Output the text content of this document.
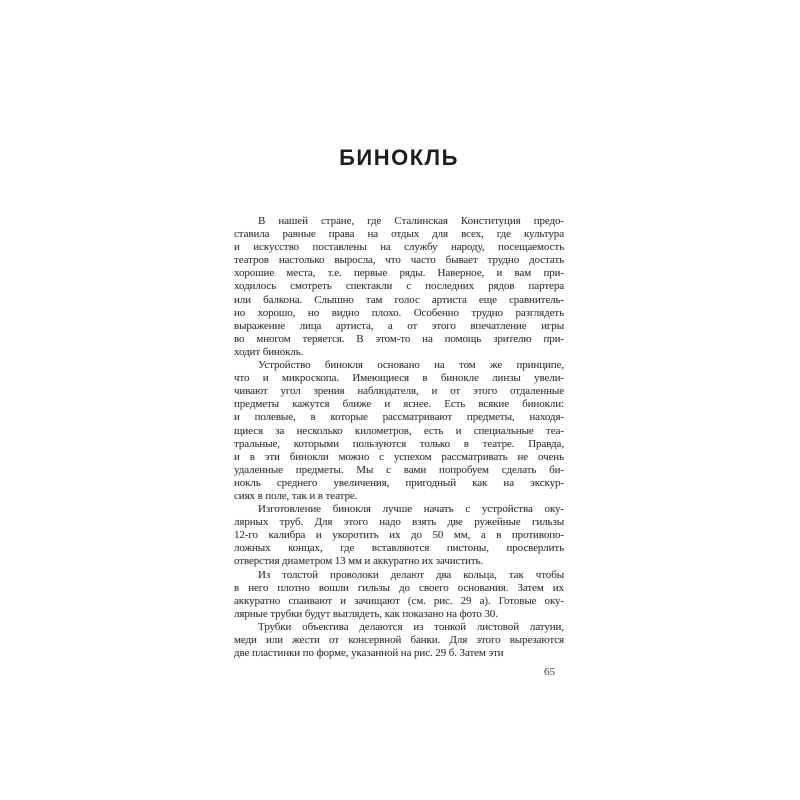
БИНОКЛЬ
В нашей стране, где Сталинская Конституция предо-
ставила равные права на отдых для всех, где культура
и искусство поставлены на службу народу, посещаемость
театров настолько выросла, что часто бывает трудно достать
хорошие места, т.е. первые ряды. Наверное, и вам при-
ходилось смотреть спектакли с последних рядов партера
или балкона. Слышно там голос артиста еще сравнитель-
но хорошо, но видно плохо. Особенно трудно разглядеть
выражение лица артиста, а от этого впечатление игры
во многом теряется. В этом-то на помощь зрителю при-
ходит бинокль.
Устройство бинокля основано на том же принципе,
что и микроскопа. Имеющиеся в бинокле линзы увели-
чивают угол зрения наблюдателя, и от этого отдаленные
предметы кажутся ближе и яснее. Есть всякие бинокли:
и полевые, в которые рассматривают предметы, находя-
щиеся за несколько километров, есть и специальные теа-
тральные, которыми пользуются только в театре. Правда,
и в эти бинокли можно с успехом рассматривать не очень
удаленные предметы. Мы с вами попробуем сделать би-
нокль среднего увеличения, пригодный как на экскур-
сиях в поле, так и в театре.
Изготовление бинокля лучше начать с устройства оку-
лярных труб. Для этого надо взять две ружейные гильзы
12-го калибра и укоротить их до 50 мм, а в противопо-
ложных концах, где вставляются пистоны, просверлить
отверстия диаметром 13 мм и аккуратно их зачистить.
Из толстой проволоки делают два кольца, так чтобы
в него плотно вошли гильзы до своего основания. Затем их
аккуратно спаивают и зачищают (см. рис. 29 а). Готовые оку-
лярные трубки будут выглядеть, как показано на фото 30.
Трубки объектива делаются из тонкой листовой латуни,
меди или жести от консервной банки. Для этого вырезаются
две пластинки по форме, указанной на рис. 29 б. Затем эти
65
